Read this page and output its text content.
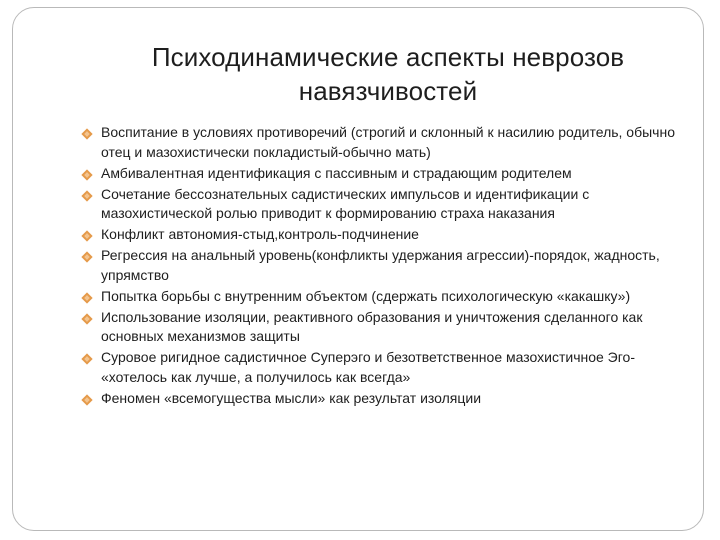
Психодинамические аспекты неврозов навязчивостей
Воспитание в условиях противоречий (строгий и склонный к насилию родитель, обычно отец и мазохистически покладистый-обычно мать)
Амбивалентная идентификация с пассивным и страдающим родителем
Сочетание бессознательных садистических импульсов и идентификации с мазохистической ролью приводит к формированию страха наказания
Конфликт автономия-стыд,контроль-подчинение
Регрессия на анальный уровень(конфликты удержания агрессии)-порядок, жадность, упрямство
Попытка борьбы с внутренним объектом (сдержать психологическую «какашку»)
Использование изоляции, реактивного образования и уничтожения сделанного как основных механизмов защиты
Суровое ригидное садистичное Суперэго и безответственное мазохистичное Эго- «хотелось как лучше, а получилось как всегда»
Феномен «всемогущества мысли» как результат изоляции
